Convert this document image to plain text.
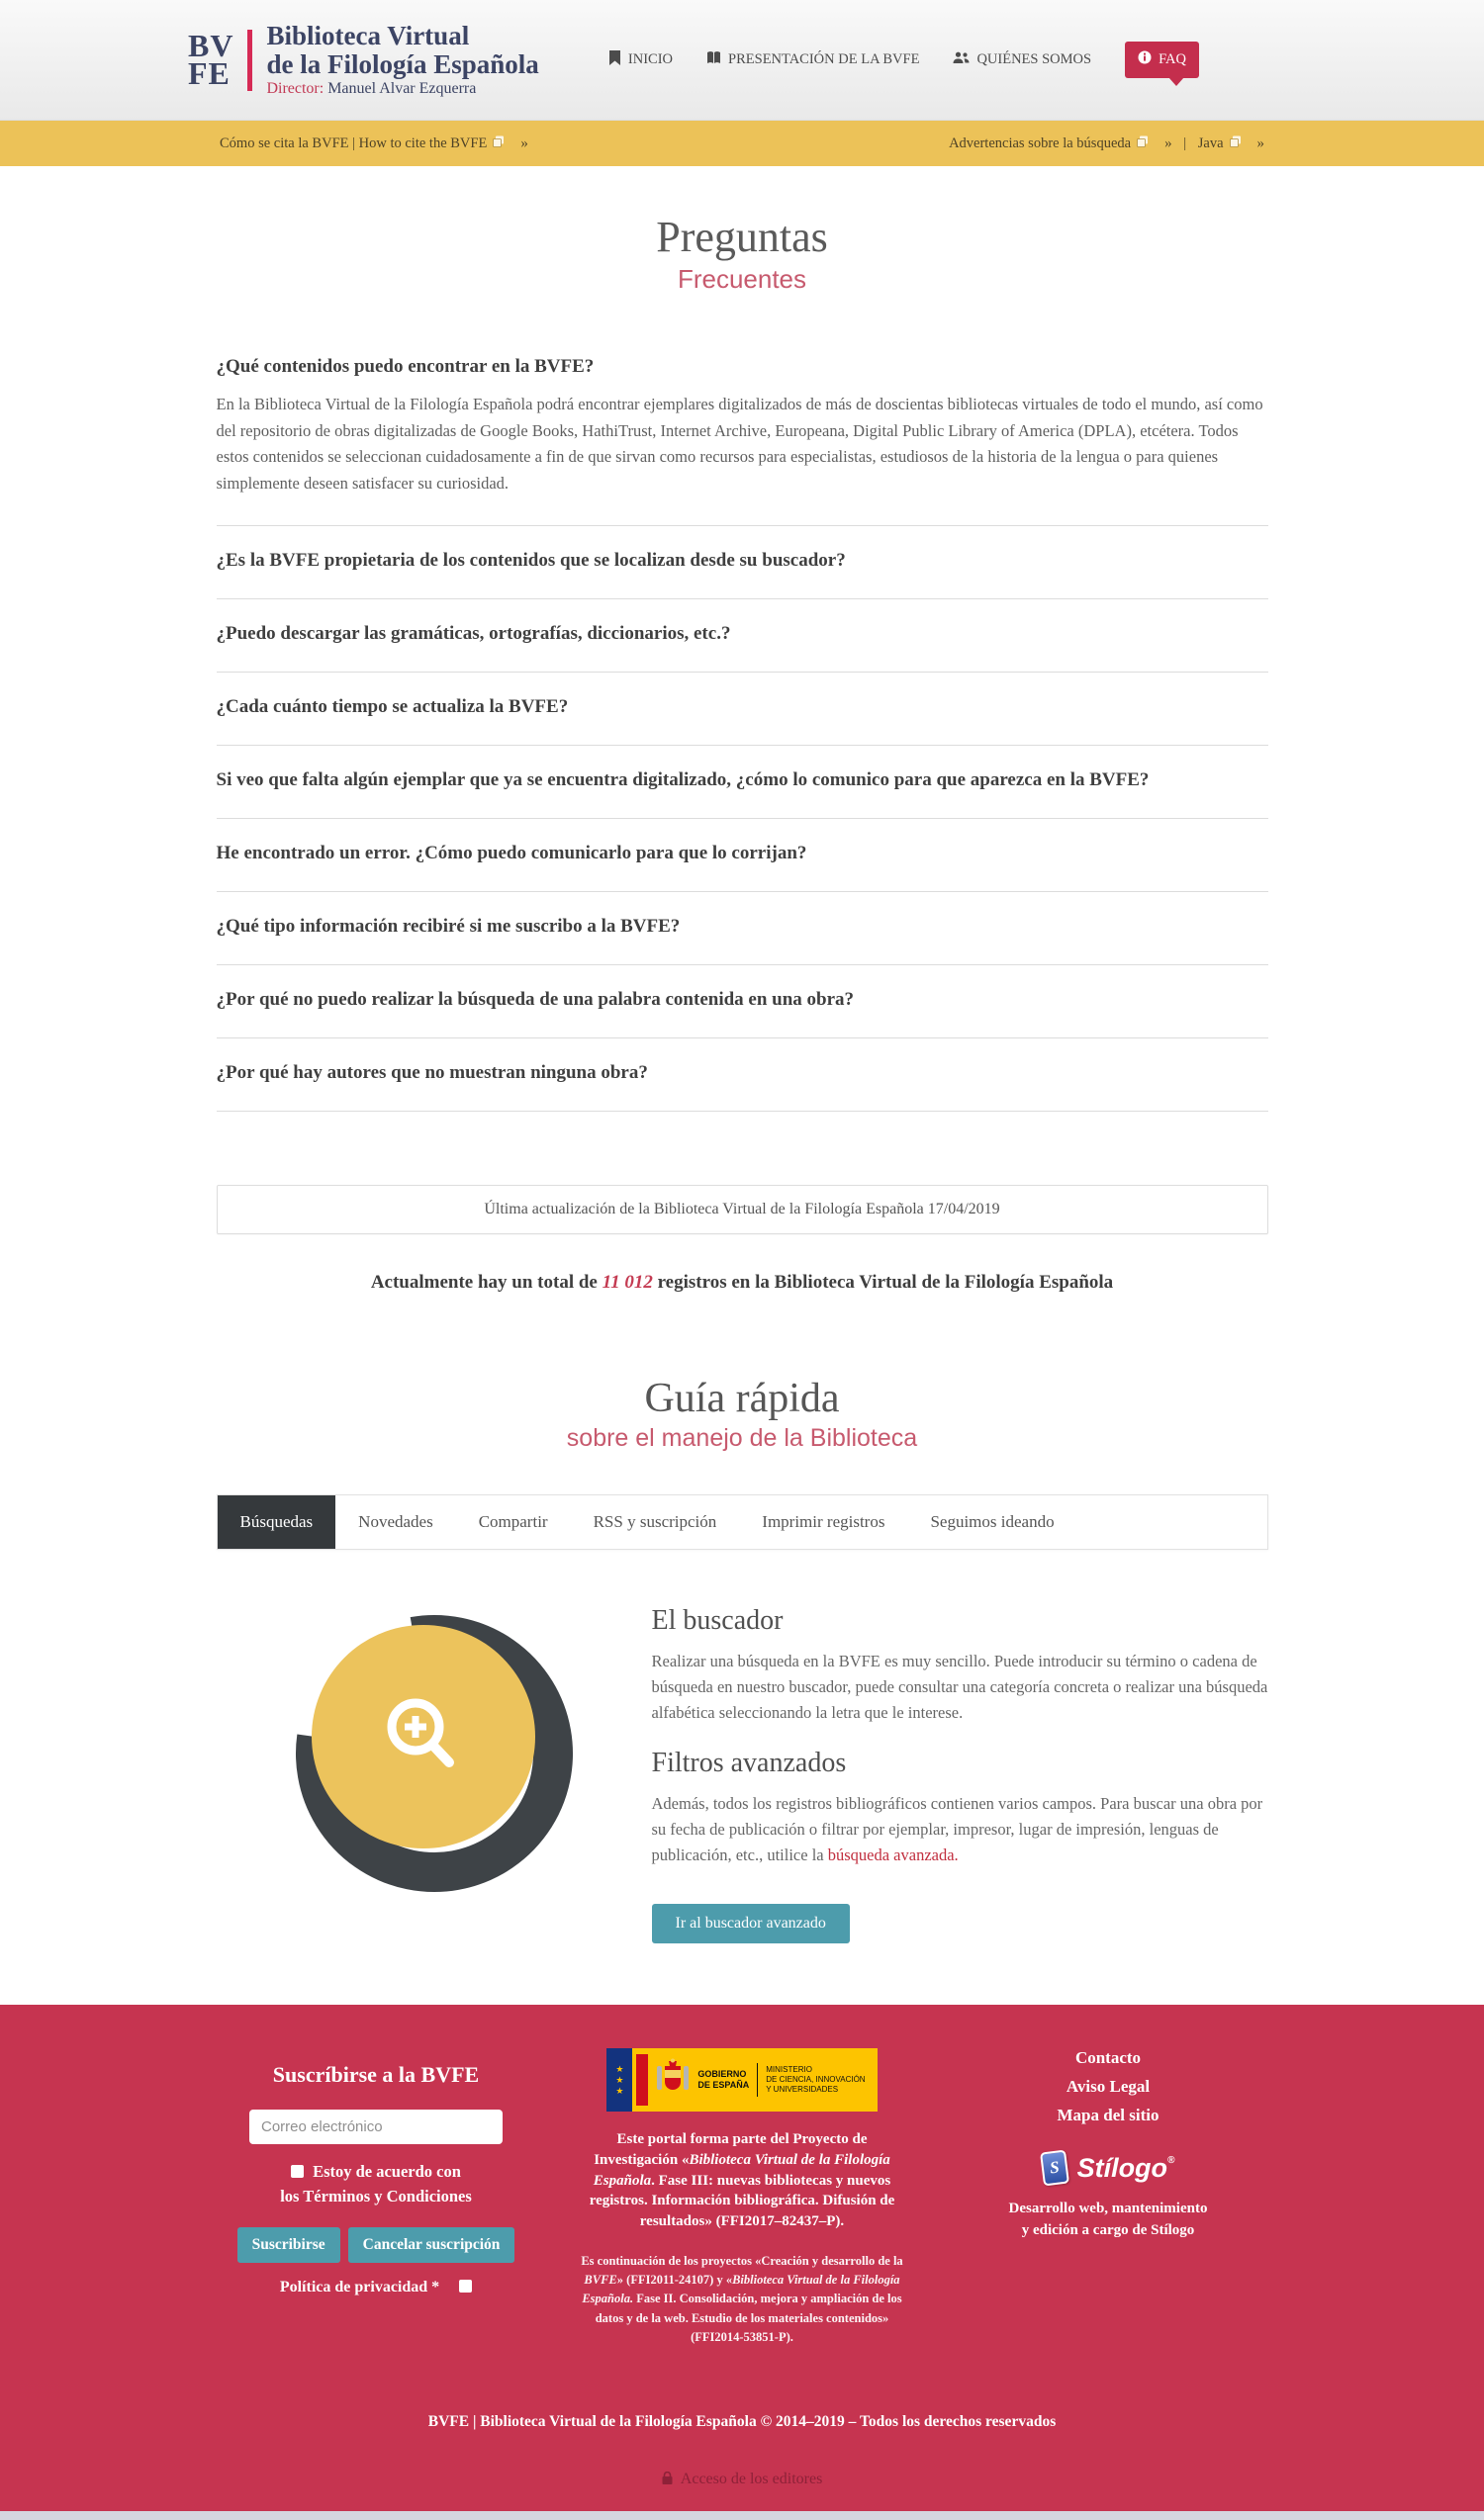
BV
FE
Biblioteca Virtual
de la Filología Española
Director: Manuel Alvar Ezquerra
INICIO	PRESENTACIÓN DE LA BVFE	QUIÉNES SOMOS	FAQ
Cómo se cita la BVFE | How to cite the BVFE »	Advertencias sobre la búsqueda » | Java »
Preguntas
Frecuentes
¿Qué contenidos puedo encontrar en la BVFE?
En la Biblioteca Virtual de la Filología Española podrá encontrar ejemplares digitalizados de más de doscientas bibliotecas virtuales de todo el mundo, así como del repositorio de obras digitalizadas de Google Books, HathiTrust, Internet Archive, Europeana, Digital Public Library of America (DPLA), etcétera. Todos estos contenidos se seleccionan cuidadosamente a fin de que sirvan como recursos para especialistas, estudiosos de la historia de la lengua o para quienes simplemente deseen satisfacer su curiosidad.
¿Es la BVFE propietaria de los contenidos que se localizan desde su buscador?
¿Puedo descargar las gramáticas, ortografías, diccionarios, etc.?
¿Cada cuánto tiempo se actualiza la BVFE?
Si veo que falta algún ejemplar que ya se encuentra digitalizado, ¿cómo lo comunico para que aparezca en la BVFE?
He encontrado un error. ¿Cómo puedo comunicarlo para que lo corrijan?
¿Qué tipo información recibiré si me suscribo a la BVFE?
¿Por qué no puedo realizar la búsqueda de una palabra contenida en una obra?
¿Por qué hay autores que no muestran ninguna obra?
Última actualización de la Biblioteca Virtual de la Filología Española 17/04/2019
Actualmente hay un total de 11 012 registros en la Biblioteca Virtual de la Filología Española
Guía rápida
sobre el manejo de la Biblioteca
Búsquedas	Novedades	Compartir	RSS y suscripción	Imprimir registros	Seguimos ideando
El buscador

Realizar una búsqueda en la BVFE es muy sencillo. Puede introducir su término o cadena de búsqueda en nuestro buscador, puede consultar una categoría concreta o realizar una búsqueda alfabética seleccionando la letra que le interese.

Filtros avanzados

Además, todos los registros bibliográficos contienen varios campos. Para buscar una obra por su fecha de publicación o filtrar por ejemplar, impresor, lugar de impresión, lenguas de publicación, etc., utilice la búsqueda avanzada.

Ir al buscador avanzado
Suscríbirse a la BVFE
Correo electrónico
Estoy de acuerdo con
los Términos y Condiciones
Suscribirse	Cancelar suscripción
Política de privacidad *
★
★
★
GOBIERNO
DE ESPAÑA
MINISTERIO
DE CIENCIA, INNOVACIÓN
Y UNIVERSIDADES
Este portal forma parte del Proyecto de Investigación «Biblioteca Virtual de la Filología Española. Fase III: nuevas bibliotecas y nuevos registros. Información bibliográfica. Difusión de resultados» (FFI2017–82437–P).
Es continuación de los proyectos «Creación y desarrollo de la BVFE» (FFI2011-24107) y «Biblioteca Virtual de la Filología Española. Fase II. Consolidación, mejora y ampliación de los datos y de la web. Estudio de los materiales contenidos» (FFI2014-53851-P).
Contacto
Aviso Legal
Mapa del sitio
S Stílogo®
Desarrollo web, mantenimiento
y edición a cargo de Stílogo
BVFE | Biblioteca Virtual de la Filología Española © 2014–2019 – Todos los derechos reservados
Acceso de los editores
